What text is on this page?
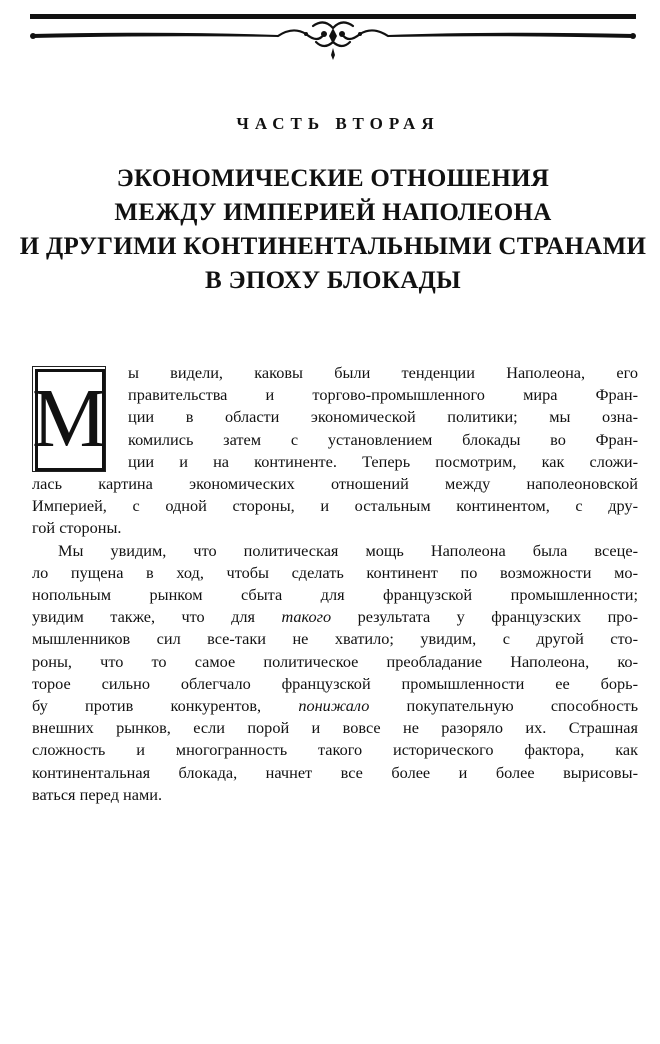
ЧАСТЬ ВТОРАЯ
ЭКОНОМИЧЕСКИЕ ОТНОШЕНИЯ
МЕЖДУ ИМПЕРИЕЙ НАПОЛЕОНА
И ДРУГИМИ КОНТИНЕНТАЛЬНЫМИ СТРАНАМИ
В ЭПОХУ БЛОКАДЫ
М	ы видели, каковы были тенденции Наполеона, его
правительства и торгово-промышленного мира Фран-
ции в области экономической политики; мы озна-
комились затем с установлением блокады во Фран-
ции и на континенте. Теперь посмотрим, как сложи-
лась картина экономических отношений между наполеоновской
Империей, с одной стороны, и остальным континентом, с дру-
гой стороны.
Мы увидим, что политическая мощь Наполеона была всеце-
ло пущена в ход, чтобы сделать континент по возможности мо-
нопольным рынком сбыта для французской промышленности;
увидим также, что для такого результата у французских про-
мышленников сил все-таки не хватило; увидим, с другой сто-
роны, что то самое политическое преобладание Наполеона, ко-
торое сильно облегчало французской промышленности ее борь-
бу против конкурентов, понижало покупательную способность
внешних рынков, если порой и вовсе не разоряло их. Страшная
сложность и многогранность такого исторического фактора, как
континентальная блокада, начнет все более и более вырисовы-
ваться перед нами.
